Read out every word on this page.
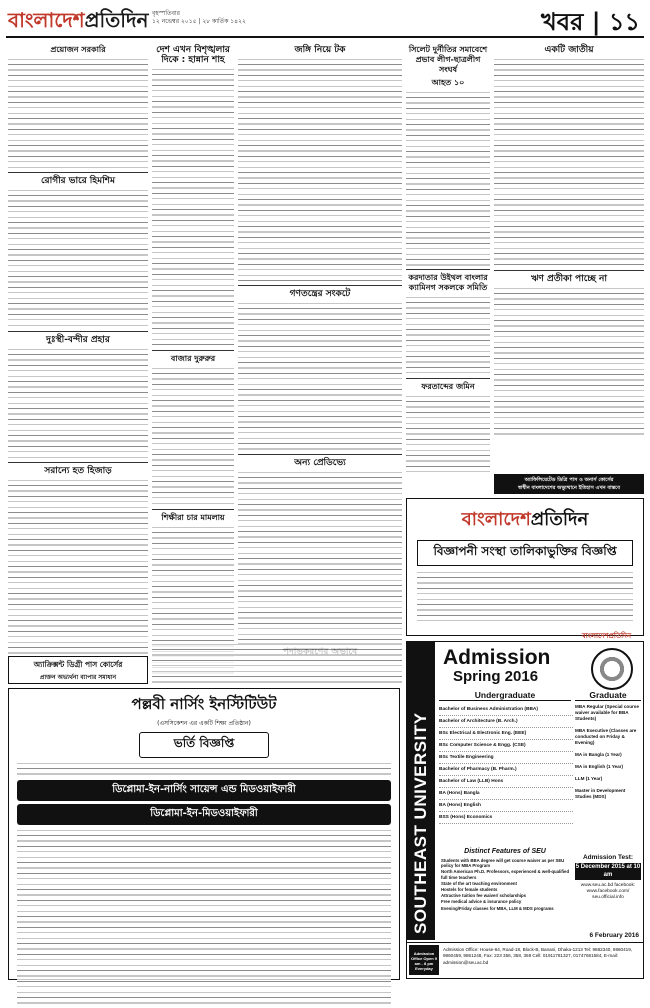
বাংলাদেশপ্রতিদিন বৃহস্পতিবার
১২ নভেম্বর ২০১৫ | ২৮ কার্তিক ১৪২২	খবর | ১১
প্রয়োজন সরকারি
রোগীর ভারে হিমশিম
দুঃস্থী-বন্দীর প্রহার
সরান্যে হত হিজাড়
অ্যাক্রিক্সন্ট ডিগ্রী পাস কোর্সের
প্রাক্তন অভ্যর্থনা ব্যাপার সমাধান
পল্লবী নার্সিং ইনস্টিটিউট
(এসসিকেশন এর একটি শিক্ষা প্রতিষ্ঠান)
ভর্তি বিজ্ঞপ্তি
ডিপ্লোমা-ইন-নার্সিং সায়েন্স এন্ড মিডওয়াইফারী
ডিপ্লোমা-ইন-মিডওয়াইফারী
দেশ এখন বিশৃঙ্খলার দিকে : হান্নান শাহ
বাজার দুরুরুর
শিক্ষীরা চার মামলায়
জঙ্গি নিয়ে টক
গণতন্ত্রের সংকটে
অন্য প্রেডিভ্যে
সিলেট দুর্নীতির সমাবেশে প্রভাব লীগ-ছাত্রলীগ সংঘর্ষ
আহত ১০
করদাতার উইথল বাংলার ক্যামিনগ সকলকে সমিতি
ফরতাব্দের জমিন
একটি জাতীয়
ঋণ প্রতীকা পাচ্ছে না
অ্যাফিলিয়েটেড ডিগ্রি পাস ও অনার্স কোর্সের
স্বাধীন বাংলাদেশের অভ্যুত্থানে ইতিহাস এখন বাস্তবে
বাংলাদেশপ্রতিদিন
বিজ্ঞাপনী সংস্থা তালিকাভুক্তির বিজ্ঞপ্তি
বাংলাদেশপ্রতিদিন
SOUTHEAST UNIVERSITY
Admission
Spring 2016
Undergraduate	Graduate
Bachelor of Business Administration (BBA)
Bachelor of Architecture (B. Arch.)
BSc Electrical & Electronic Eng. (EEE)
BSc Computer Science & Engg. (CSE)
BSc Textile Engineering
Bachelor of Pharmacy (B. Pharm.)
Bachelor of Law (LLB) Hons
BA (Hons) Bangla
BA (Hons) English
BSS (Hons) Economics
MBA Regular (Special course waiver available for BBA Students)
MBA Executive (Classes are conducted on Friday & Evening)
MA in Bangla (1 Year)
MA in English (1 Year)
LLM (1 Year)
Master in Development Studies (MDS)
Distinct Features of SEU
Students with BBA degree will get course waiver as per SEU policy for MBA Program
North American Ph.D. Professors, experienced & well-qualified full time teachers
State of the art teaching environment
Hostels for female students
Attractive tuition fee waiver/ scholarships
Free medical advice & insurance policy
Evening/Friday classes for MBA, LLM & MDS programs
Admission Test:
5 December 2015 at 10 am
www.seu.ac.bd facebook: www.facebook.com/ seu.official.info
6 February 2016
Admission Office Open 9 am - 8 pm Everyday
Admission Office: House-64, Road-18, Block-B, Banani, Dhaka-1213 Tel: 9882340, 9860419, 9860459, 9861248, Fax: 223 356, 358, 359 Cell: 01911781327, 01747681584, E-mail: admission@seu.ac.bd
